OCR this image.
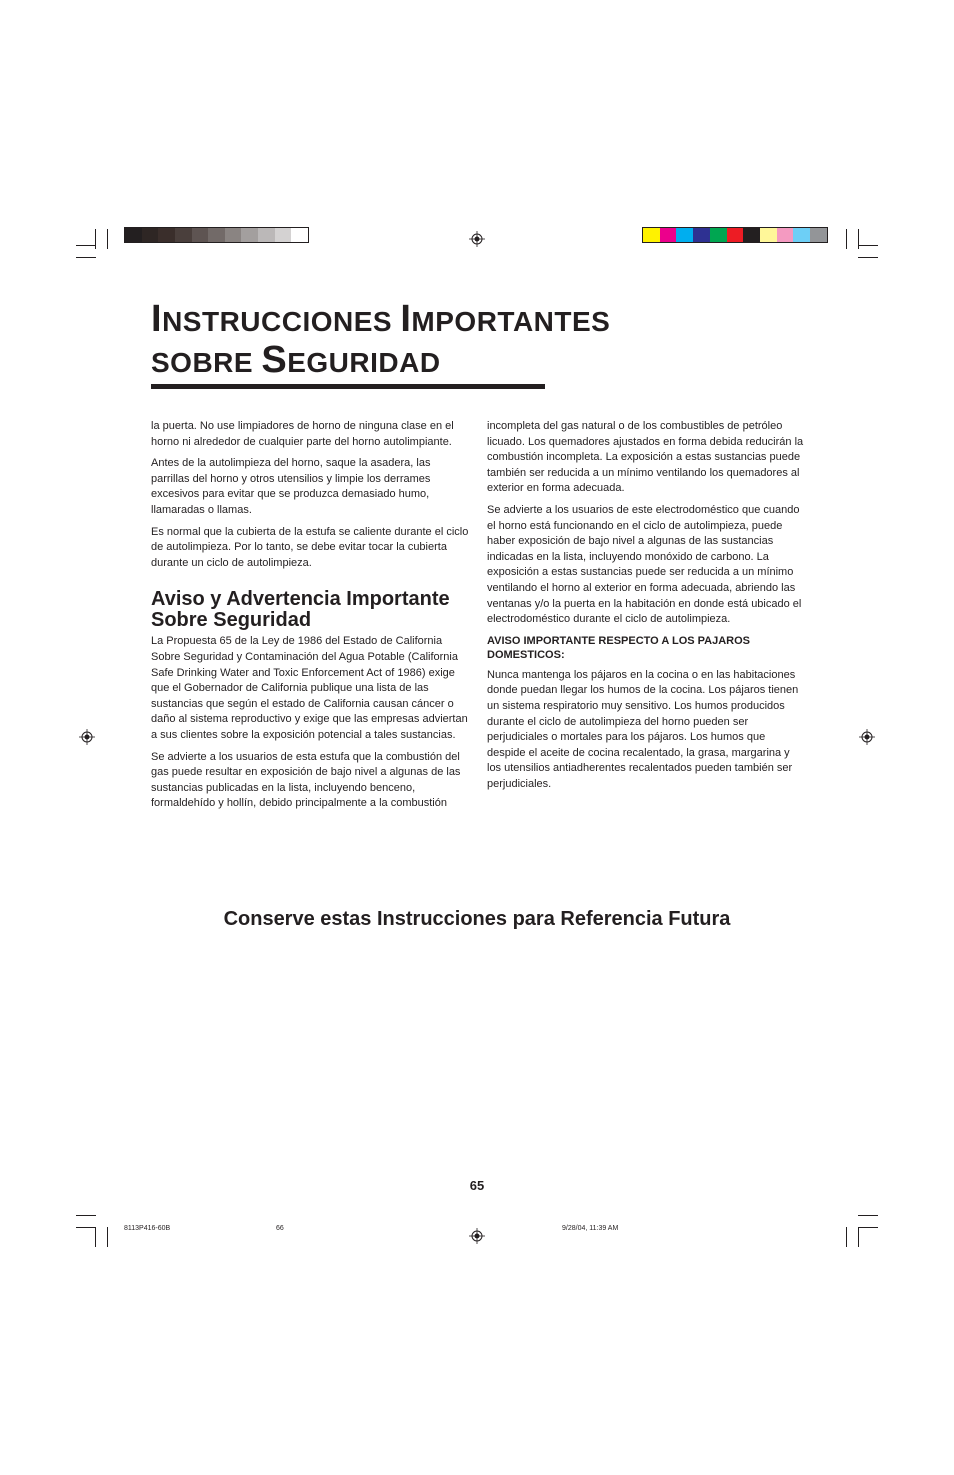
INSTRUCCIONES IMPORTANTES
SOBRE SEGURIDAD

la puerta. No use limpiadores de horno de ninguna clase en el horno ni alrededor de cualquier parte del horno autolimpiante.

Antes de la autolimpieza del horno, saque la asadera, las parrillas del horno y otros utensilios y limpie los derrames excesivos para evitar que se produzca demasiado humo, llamaradas o llamas.

Es normal que la cubierta de la estufa se caliente durante el ciclo de autolimpieza. Por lo tanto, se debe evitar tocar la cubierta durante un ciclo de autolimpieza.

Aviso y Advertencia Importante Sobre Seguridad

La Propuesta 65 de la Ley de 1986 del Estado de California Sobre Seguridad y Contaminación del Agua Potable (California Safe Drinking Water and Toxic Enforcement Act of 1986) exige que el Gobernador de California publique una lista de las sustancias que según el estado de California causan cáncer o daño al sistema reproductivo y exige que las empresas adviertan a sus clientes sobre la exposición potencial a tales sustancias.

Se advierte a los usuarios de esta estufa que la combustión del gas puede resultar en exposición de bajo nivel a algunas de las sustancias publicadas en la lista, incluyendo benceno, formaldehído y hollín, debido principalmente a la combustión

incompleta del gas natural o de los combustibles de petróleo licuado. Los quemadores ajustados en forma debida reducirán la combustión incompleta. La exposición a estas sustancias puede también ser reducida a un mínimo ventilando los quemadores al exterior en forma adecuada.

Se advierte a los usuarios de este electrodoméstico que cuando el horno está funcionando en el ciclo de autolimpieza, puede haber exposición de bajo nivel a algunas de las sustancias indicadas en la lista, incluyendo monóxido de carbono. La exposición a estas sustancias puede ser reducida a un mínimo ventilando el horno al exterior en forma adecuada, abriendo las ventanas y/o la puerta en la habitación en donde está ubicado el electrodoméstico durante el ciclo de autolimpieza.

AVISO IMPORTANTE RESPECTO A LOS PAJAROS DOMESTICOS:

Nunca mantenga los pájaros en la cocina o en las habitaciones donde puedan llegar los humos de la cocina. Los pájaros tienen un sistema respiratorio muy sensitivo. Los humos producidos durante el ciclo de autolimpieza del horno pueden ser perjudiciales o mortales para los pájaros. Los humos que despide el aceite de cocina recalentado, la grasa, margarina y los utensilios antiadherentes recalentados pueden también ser perjudiciales.

Conserve estas Instrucciones para Referencia Futura
65
8113P416-60B	66	9/28/04, 11:39 AM
